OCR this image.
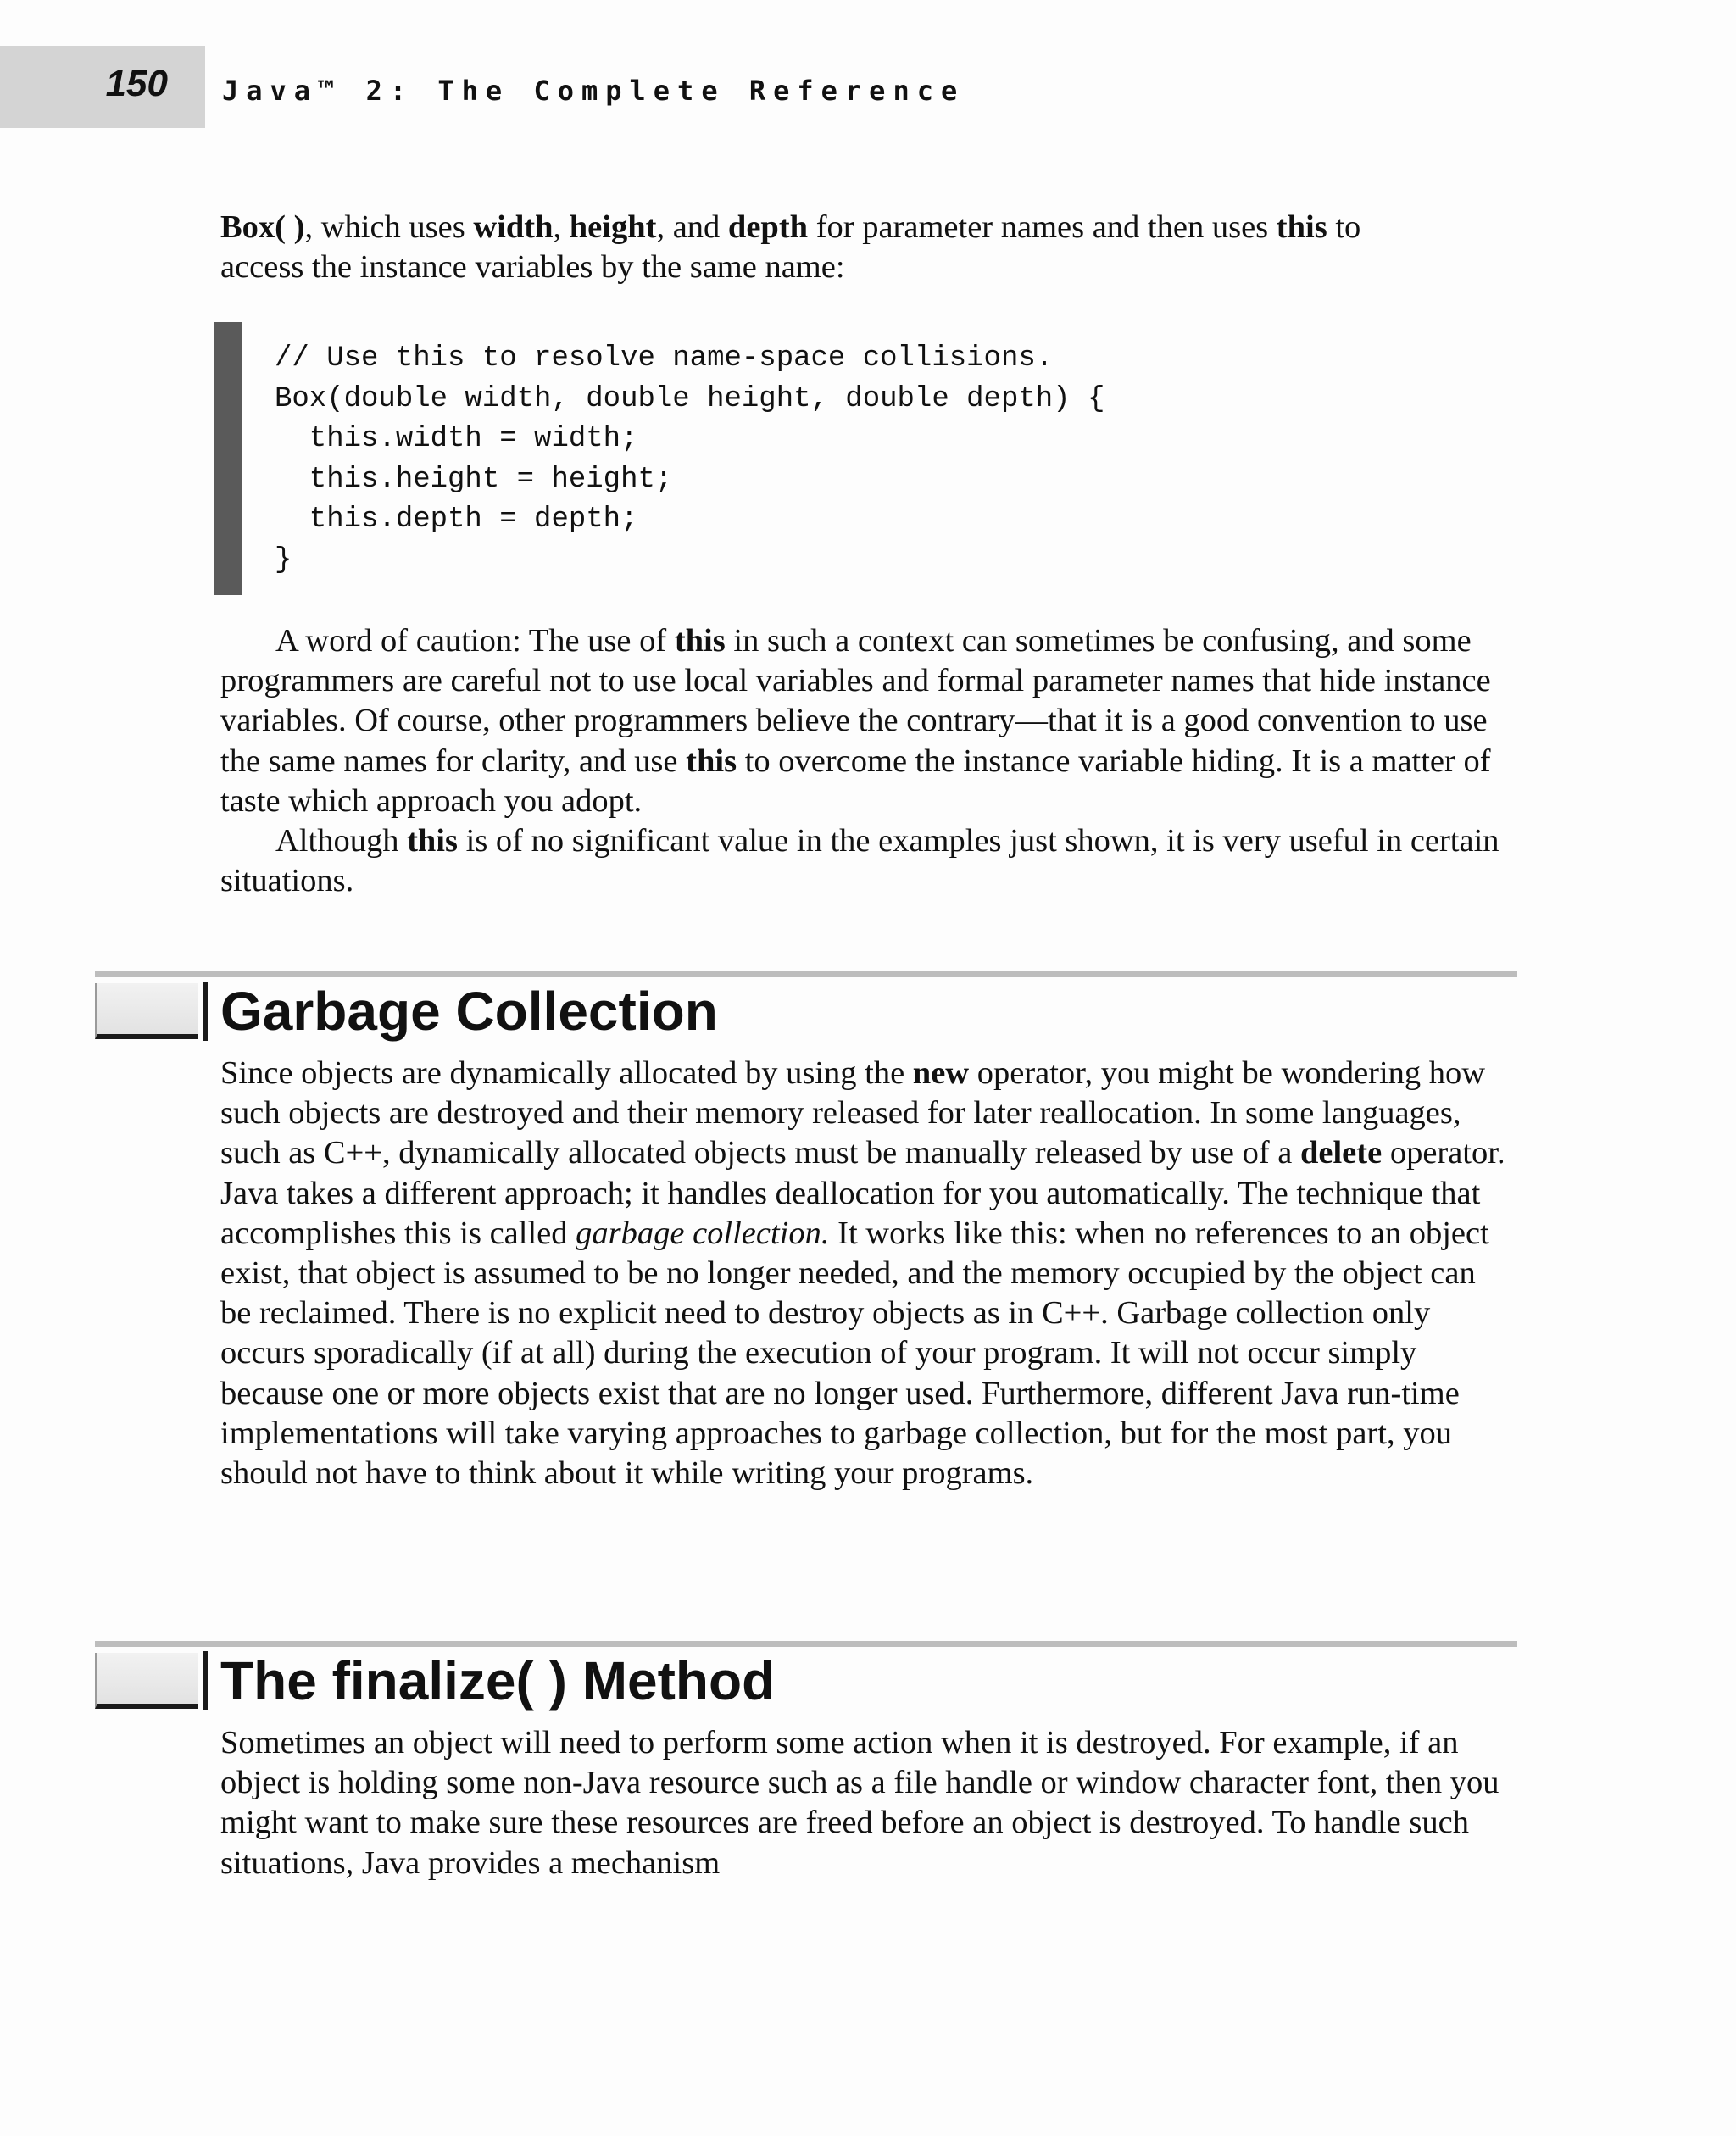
150 Java™ 2: The Complete Reference
Box( ), which uses width, height, and depth for parameter names and then uses this to
access the instance variables by the same name:
// Use this to resolve name-space collisions.
Box(double width, double height, double depth) {
this.width = width;
this.height = height;
this.depth = depth;
}

A word of caution: The use of this in such a context can sometimes be confusing, and some programmers are careful not to use local variables and formal parameter names that hide instance variables. Of course, other programmers believe the contrary—that it is a good convention to use the same names for clarity, and use this to overcome the instance variable hiding. It is a matter of taste which approach you adopt.

Although this is of no significant value in the examples just shown, it is very useful in certain situations.

Garbage Collection

Since objects are dynamically allocated by using the new operator, you might be wondering how such objects are destroyed and their memory released for later reallocation. In some languages, such as C++, dynamically allocated objects must be manually released by use of a delete operator. Java takes a different approach; it handles deallocation for you automatically. The technique that accomplishes this is called garbage collection. It works like this: when no references to an object exist, that object is assumed to be no longer needed, and the memory occupied by the object can be reclaimed. There is no explicit need to destroy objects as in C++. Garbage collection only occurs sporadically (if at all) during the execution of your program. It will not occur simply because one or more objects exist that are no longer used. Furthermore, different Java run-time implementations will take varying approaches to garbage collection, but for the most part, you should not have to think about it while writing your programs.

The finalize( ) Method

Sometimes an object will need to perform some action when it is destroyed. For example, if an object is holding some non-Java resource such as a file handle or window character font, then you might want to make sure these resources are freed before an object is destroyed. To handle such situations, Java provides a mechanism
